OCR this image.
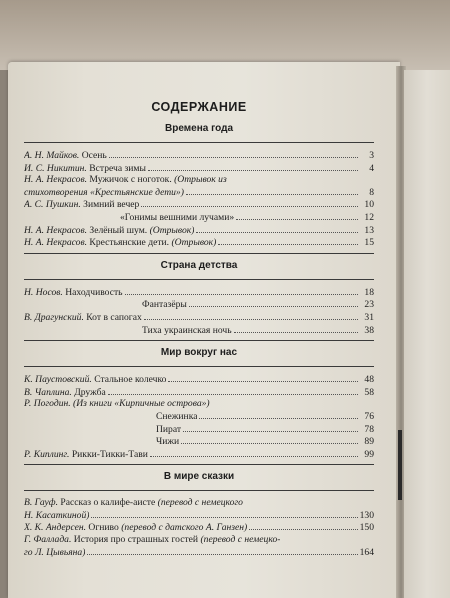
СОДЕРЖАНИЕ
Времена года
А. Н. Майков. Осень	3
И. С. Никитин. Встреча зимы	4
Н. А. Некрасов. Мужичок с ноготок. (Отрывок из
стихотворения «Крестьянские дети»)	8
А. С. Пушкин. Зимний вечер	10
«Гонимы вешними лучами»	12
Н. А. Некрасов. Зелёный шум. (Отрывок)	13
Н. А. Некрасов. Крестьянские дети. (Отрывок)	15
Страна детства
Н. Носов. Находчивость	18
Фантазёры	23
В. Драгунский. Кот в сапогах	31
Тиха украинская ночь	38
Мир вокруг нас
К. Паустовский. Стальное колечко	48
В. Чаплина. Дружба	58
Р. Погодин. (Из книги «Кирпичные острова»)
Снежинка	76
Пират	78
Чижи	89
Р. Киплинг. Рикки-Тикки-Тави	99
В мире сказки
В. Гауф. Рассказ о калифе-аисте (перевод с немецкого
Н. Касаткиной)	130
Х. К. Андерсен. Огниво (перевод с датского А. Ганзен)	150
Г. Фаллада. История про страшных гостей (перевод с немецко-
го Л. Цывьяна)	164
